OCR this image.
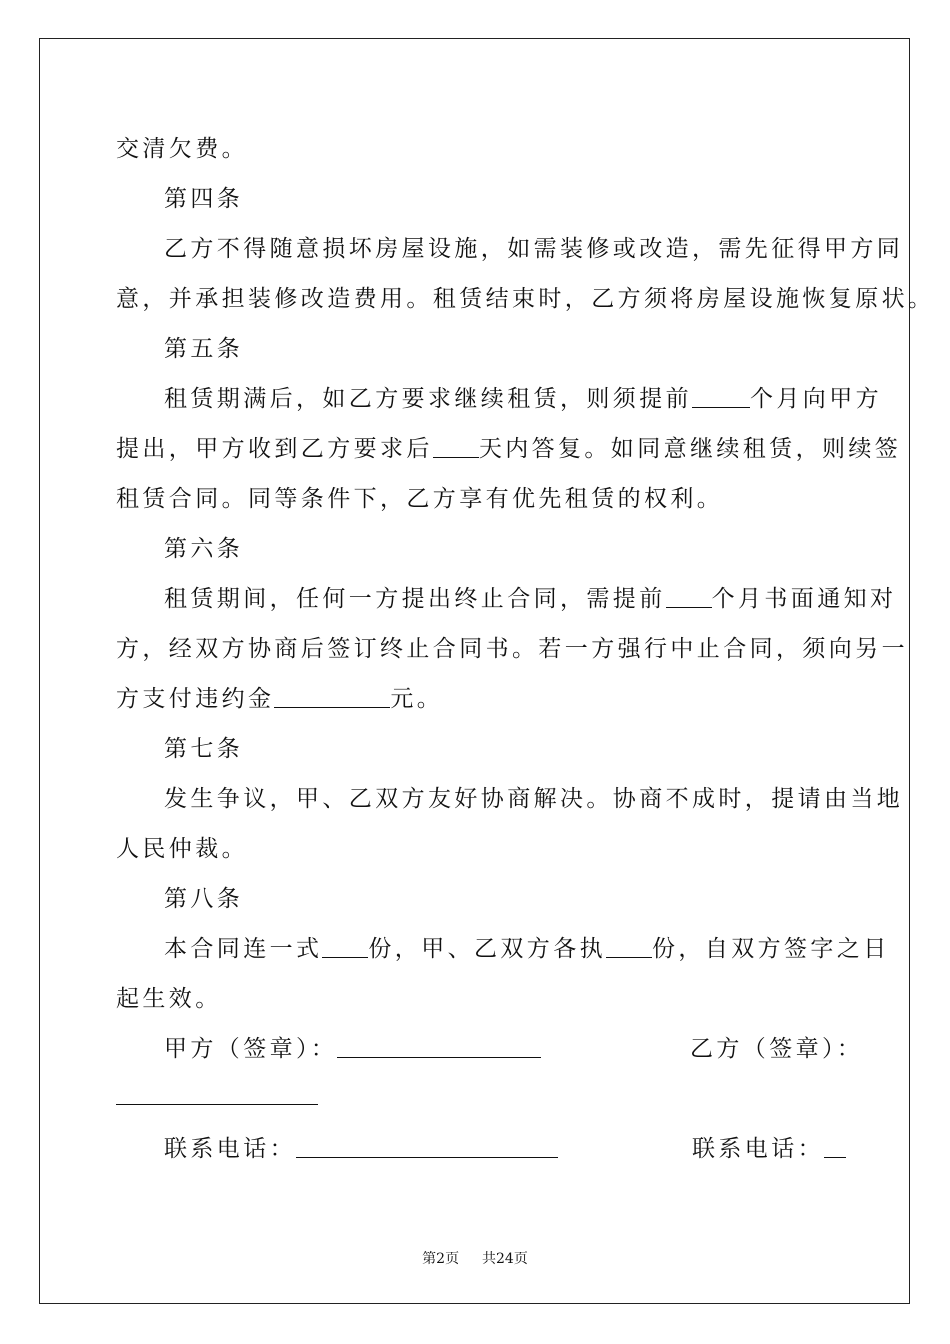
交清欠费。

第四条

乙方不得随意损坏房屋设施，如需装修或改造，需先征得甲方同

意，并承担装修改造费用。租赁结束时，乙方须将房屋设施恢复原状。

第五条

租赁期满后，如乙方要求继续租赁，则须提前	个月向甲方

提出，甲方收到乙方要求后 天内答复。如同意继续租赁，则续签

租赁合同。同等条件下，乙方享有优先租赁的权利。

第六条

租赁期间，任何一方提出终止合同，需提前 个月书面通知对

方，经双方协商后签订终止合同书。若一方强行中止合同，须向另一

方支付违约金	元。

第七条

发生争议，甲、乙双方友好协商解决。协商不成时，提请由当地

人民仲裁。

第八条

本合同连一式 份，甲、乙双方各执 份，自双方签字之日

起生效。

甲方（签章）：	乙方（签章）：

联系电话：	联系电话：

第2页 共24页
